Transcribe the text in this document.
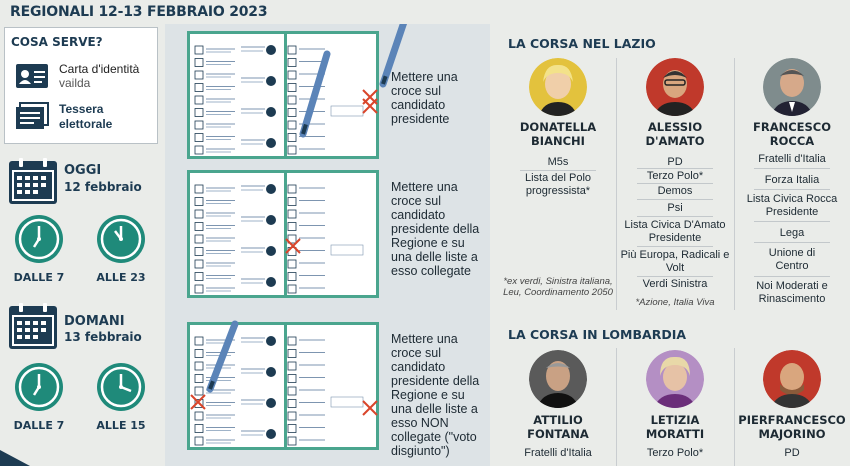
REGIONALI 12-13 FEBBRAIO 2023
COSA SERVE?
Carta d'identità
vailda
Tessera
elettorale
OGGI
12 febbraio
DALLE 7	ALLE 23
DOMANI
13 febbraio
DALLE 7	ALLE 15
Mettere una croce sul candidato presidente
Mettere una croce sul candidato presidente della Regione e su una delle liste a esso collegate
Mettere una croce sul candidato presidente della Regione e su una delle liste a esso NON collegate ("voto disgiunto")
LA CORSA NEL LAZIO
DONATELLA
BIANCHI
M5s
Lista del Polo progressista*
*ex verdi, Sinistra italiana, Leu, Coordinamento 2050
ALESSIO
D'AMATO
PD
Terzo Polo*
Demos
Psi
Lista Civica D'Amato Presidente
Più Europa, Radicali e Volt
Verdi Sinistra
*Azione, Italia Viva
FRANCESCO
ROCCA
Fratelli d'Italia
Forza Italia
Lista Civica Rocca Presidente
Lega
Unione di Centro
Noi Moderati e Rinascimento
LA CORSA IN LOMBARDIA
ATTILIO
FONTANA
Fratelli d'Italia
LETIZIA
MORATTI
Terzo Polo*
PIERFRANCESCO
MAJORINO
PD
